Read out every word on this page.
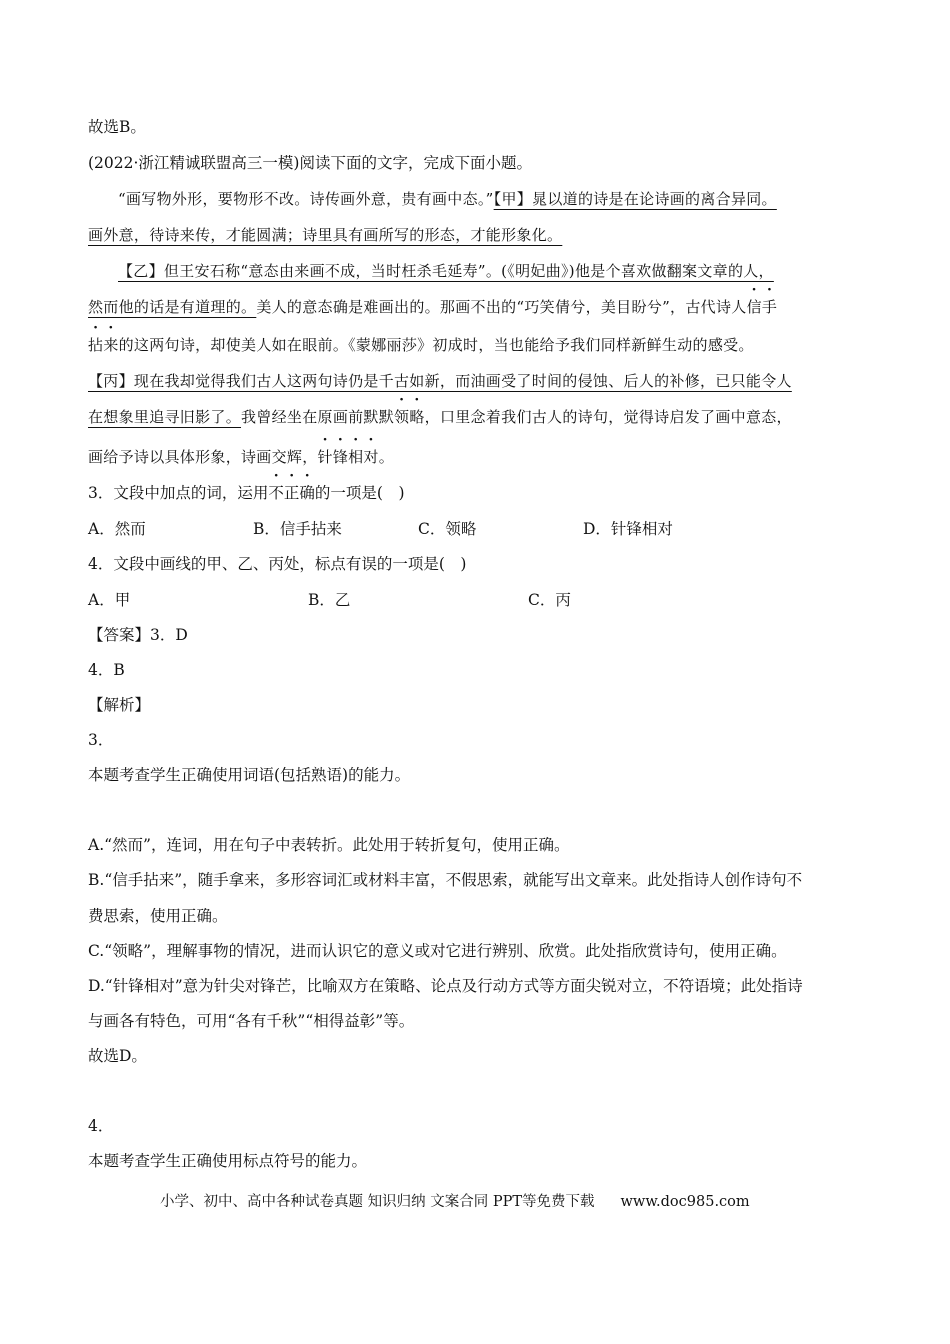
故选B。
(2022·浙江精诚联盟高三一模)阅读下面的文字，完成下面小题。
“画写物外形，要物形不改。诗传画外意，贵有画中态。”【甲】晁以道的诗是在论诗画的离合异同。
画外意，待诗来传，才能圆满；诗里具有画所写的形态，才能形象化。
【乙】但王安石称“意态由来画不成，当时枉杀毛延寿”。(《明妃曲》)他是个喜欢做翻案文章的人，
然而他的话是有道理的。美人的意态确是难画出的。那画不出的“巧笑倩兮，美目盼兮”，古代诗人信手
拈来的这两句诗，却使美人如在眼前。《蒙娜丽莎》初成时，当也能给予我们同样新鲜生动的感受。
【丙】现在我却觉得我们古人这两句诗仍是千古如新，而油画受了时间的侵蚀、后人的补修，已只能令人
在想象里追寻旧影了。我曾经坐在原画前默默领略，口里念着我们古人的诗句，觉得诗启发了画中意态，
画给予诗以具体形象，诗画交辉，针锋相对。
3．文段中加点的词，运用不正确的一项是(　)
A．然而	B．信手拈来	C．领略	D．针锋相对
4．文段中画线的甲、乙、丙处，标点有误的一项是(　)
A．甲	B．乙	C．丙
【答案】3．D
4．B
【解析】
3．
本题考查学生正确使用词语(包括熟语)的能力。
A.“然而”，连词，用在句子中表转折。此处用于转折复句，使用正确。
B.“信手拈来”，随手拿来，多形容词汇或材料丰富，不假思索，就能写出文章来。此处指诗人创作诗句不
费思索，使用正确。
C.“领略”，理解事物的情况，进而认识它的意义或对它进行辨别、欣赏。此处指欣赏诗句，使用正确。
D.“针锋相对”意为针尖对锋芒，比喻双方在策略、论点及行动方式等方面尖锐对立，不符语境；此处指诗
与画各有特色，可用“各有千秋”“相得益彰”等。
故选D。
4．
本题考查学生正确使用标点符号的能力。
小学、初中、高中各种试卷真题 知识归纳 文案合同 PPT等免费下载 www.doc985.com
